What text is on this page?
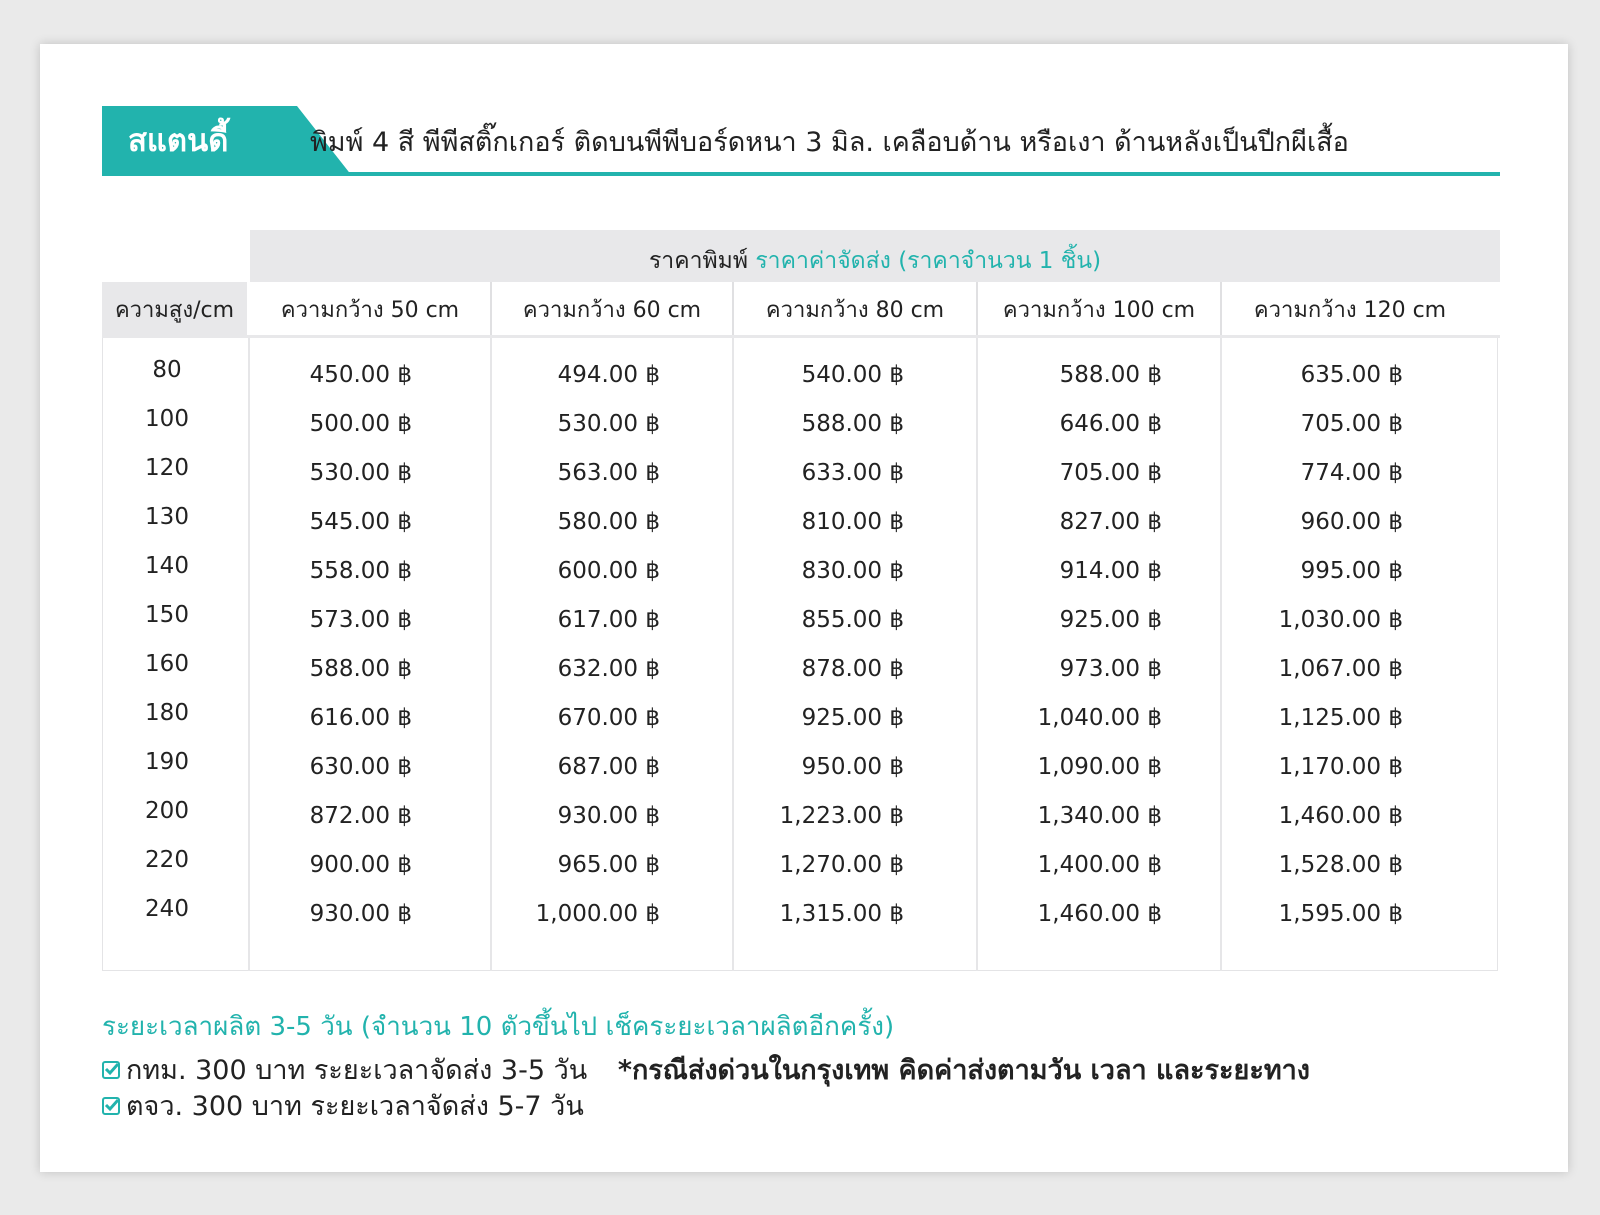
สแตนดี้	พิมพ์ 4 สี พีพีสติ๊กเกอร์ ติดบนพีพีบอร์ดหนา 3 มิล. เคลือบด้าน หรือเงา ด้านหลังเป็นปีกผีเสื้อ
ราคาพิมพ์ ราคาค่าจัดส่ง (ราคาจำนวน 1 ชิ้น)
ความสูง/cm	ความกว้าง 50 cm	ความกว้าง 60 cm	ความกว้าง 80 cm	ความกว้าง 100 cm	ความกว้าง 120 cm
80	450.00 ฿	494.00 ฿	540.00 ฿	588.00 ฿	635.00 ฿
100	500.00 ฿	530.00 ฿	588.00 ฿	646.00 ฿	705.00 ฿
120	530.00 ฿	563.00 ฿	633.00 ฿	705.00 ฿	774.00 ฿
130	545.00 ฿	580.00 ฿	810.00 ฿	827.00 ฿	960.00 ฿
140	558.00 ฿	600.00 ฿	830.00 ฿	914.00 ฿	995.00 ฿
150	573.00 ฿	617.00 ฿	855.00 ฿	925.00 ฿	1,030.00 ฿
160	588.00 ฿	632.00 ฿	878.00 ฿	973.00 ฿	1,067.00 ฿
180	616.00 ฿	670.00 ฿	925.00 ฿	1,040.00 ฿	1,125.00 ฿
190	630.00 ฿	687.00 ฿	950.00 ฿	1,090.00 ฿	1,170.00 ฿
200	872.00 ฿	930.00 ฿	1,223.00 ฿	1,340.00 ฿	1,460.00 ฿
220	900.00 ฿	965.00 ฿	1,270.00 ฿	1,400.00 ฿	1,528.00 ฿
240	930.00 ฿	1,000.00 ฿	1,315.00 ฿	1,460.00 ฿	1,595.00 ฿
ระยะเวลาผลิต 3-5 วัน (จำนวน 10 ตัวขึ้นไป เช็คระยะเวลาผลิตอีกครั้ง)
กทม. 300 บาท ระยะเวลาจัดส่ง 3-5 วัน *กรณีส่งด่วนในกรุงเทพ คิดค่าส่งตามวัน เวลา และระยะทาง
ตจว. 300 บาท ระยะเวลาจัดส่ง 5-7 วัน
